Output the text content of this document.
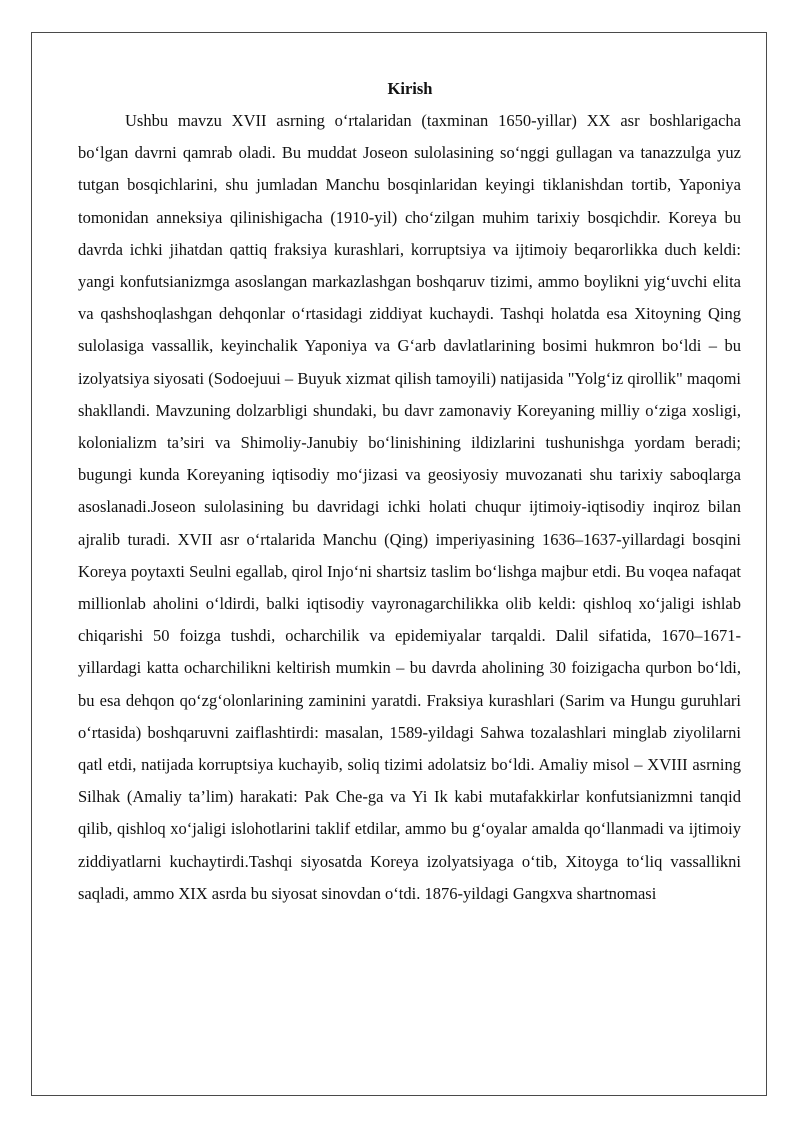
Kirish

Ushbu mavzu XVII asrning o‘rtalaridan (taxminan 1650-yillar) XX asr boshlarigacha bo‘lgan davrni qamrab oladi. Bu muddat Joseon sulolasining so‘nggi gullagan va tanazzulga yuz tutgan bosqichlarini, shu jumladan Manchu bosqinlaridan keyingi tiklanishdan tortib, Yaponiya tomonidan anneksiya qilinishigacha (1910-yil) cho‘zilgan muhim tarixiy bosqichdir. Koreya bu davrda ichki jihatdan qattiq fraksiya kurashlari, korruptsiya va ijtimoiy beqarorlikka duch keldi: yangi konfutsianizmga asoslangan markazlashgan boshqaruv tizimi, ammo boylikni yig‘uvchi elita va qashshoqlashgan dehqonlar o‘rtasidagi ziddiyat kuchaydi. Tashqi holatda esa Xitoyning Qing sulolasiga vassallik, keyinchalik Yaponiya va G‘arb davlatlarining bosimi hukmron bo‘ldi – bu izolyatsiya siyosati (Sodoejuui – Buyuk xizmat qilish tamoyili) natijasida "Yolg‘iz qirollik" maqomi shakllandi. Mavzuning dolzarbligi shundaki, bu davr zamonaviy Koreyaning milliy o‘ziga xosligi, kolonializm ta’siri va Shimoliy-Janubiy bo‘linishining ildizlarini tushunishga yordam beradi; bugungi kunda Koreyaning iqtisodiy mo‘jizasi va geosiyosiy muvozanati shu tarixiy saboqlarga asoslanadi.Joseon sulolasining bu davridagi ichki holati chuqur ijtimoiy-iqtisodiy inqiroz bilan ajralib turadi. XVII asr o‘rtalarida Manchu (Qing) imperiyasining 1636–1637-yillardagi bosqini Koreya poytaxti Seulni egallab, qirol Injo‘ni shartsiz taslim bo‘lishga majbur etdi. Bu voqea nafaqat millionlab aholini o‘ldirdi, balki iqtisodiy vayronagarchilikka olib keldi: qishloq xo‘jaligi ishlab chiqarishi 50 foizga tushdi, ocharchilik va epidemiyalar tarqaldi. Dalil sifatida, 1670–1671-yillardagi katta ocharchilikni keltirish mumkin – bu davrda aholining 30 foizigacha qurbon bo‘ldi, bu esa dehqon qo‘zg‘olonlarining zaminini yaratdi. Fraksiya kurashlari (Sarim va Hungu guruhlari o‘rtasida) boshqaruvni zaiflashtirdi: masalan, 1589-yildagi Sahwa tozalashlari minglab ziyolilarni qatl etdi, natijada korruptsiya kuchayib, soliq tizimi adolatsiz bo‘ldi. Amaliy misol – XVIII asrning Silhak (Amaliy ta’lim) harakati: Pak Che-ga va Yi Ik kabi mutafakkirlar konfutsianizmni tanqid qilib, qishloq xo‘jaligi islohotlarini taklif etdilar, ammo bu g‘oyalar amalda qo‘llanmadi va ijtimoiy ziddiyatlarni kuchaytirdi.Tashqi siyosatda Koreya izolyatsiyaga o‘tib, Xitoyga to‘liq vassallikni saqladi, ammo XIX asrda bu siyosat sinovdan o‘tdi. 1876-yildagi Gangxva shartnomasi
